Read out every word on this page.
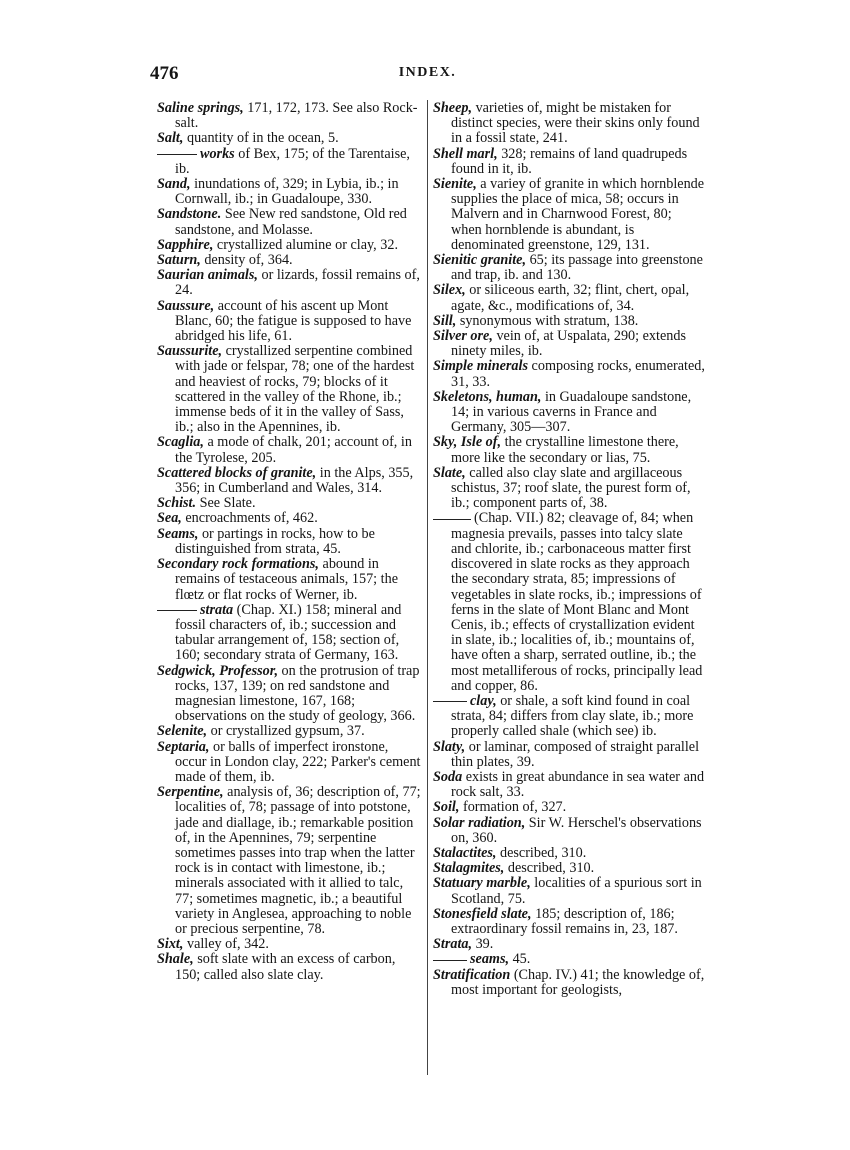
476	INDEX.

Saline springs, 171, 172, 173. See also Rock-salt.

Salt, quantity of in the ocean, 5.

works of Bex, 175; of the Tarentaise, ib.

Sand, inundations of, 329; in Lybia, ib.; in Cornwall, ib.; in Guadaloupe, 330.

Sandstone. See New red sandstone, Old red sandstone, and Molasse.

Sapphire, crystallized alumine or clay, 32.

Saturn, density of, 364.

Saurian animals, or lizards, fossil remains of, 24.

Saussure, account of his ascent up Mont Blanc, 60; the fatigue is supposed to have abridged his life, 61.

Saussurite, crystallized serpentine combined with jade or felspar, 78; one of the hardest and heaviest of rocks, 79; blocks of it scattered in the valley of the Rhone, ib.; immense beds of it in the valley of Sass, ib.; also in the Apennines, ib.

Scaglia, a mode of chalk, 201; account of, in the Tyrolese, 205.

Scattered blocks of granite, in the Alps, 355, 356; in Cumberland and Wales, 314.

Schist. See Slate.

Sea, encroachments of, 462.

Seams, or partings in rocks, how to be distinguished from strata, 45.

Secondary rock formations, abound in remains of testaceous animals, 157; the flœtz or flat rocks of Werner, ib.

strata (Chap. XI.) 158; mineral and fossil characters of, ib.; succession and tabular arrangement of, 158; section of, 160; secondary strata of Germany, 163.

Sedgwick, Professor, on the protrusion of trap rocks, 137, 139; on red sandstone and magnesian limestone, 167, 168; observations on the study of geology, 366.

Selenite, or crystallized gypsum, 37.

Septaria, or balls of imperfect ironstone, occur in London clay, 222; Parker's cement made of them, ib.

Serpentine, analysis of, 36; description of, 77; localities of, 78; passage of into potstone, jade and diallage, ib.; remarkable position of, in the Apennines, 79; serpentine sometimes passes into trap when the latter rock is in contact with limestone, ib.; minerals associated with it allied to talc, 77; sometimes magnetic, ib.; a beautiful variety in Anglesea, approaching to noble or precious serpentine, 78.

Sixt, valley of, 342.

Shale, soft slate with an excess of carbon, 150; called also slate clay.

Sheep, varieties of, might be mistaken for distinct species, were their skins only found in a fossil state, 241.

Shell marl, 328; remains of land quadrupeds found in it, ib.

Sienite, a variey of granite in which hornblende supplies the place of mica, 58; occurs in Malvern and in Charnwood Forest, 80; when hornblende is abundant, is denominated greenstone, 129, 131.

Sienitic granite, 65; its passage into greenstone and trap, ib. and 130.

Silex, or siliceous earth, 32; flint, chert, opal, agate, &c., modifications of, 34.

Sill, synonymous with stratum, 138.

Silver ore, vein of, at Uspalata, 290; extends ninety miles, ib.

Simple minerals composing rocks, enumerated, 31, 33.

Skeletons, human, in Guadaloupe sandstone, 14; in various caverns in France and Germany, 305—307.

Sky, Isle of, the crystalline limestone there, more like the secondary or lias, 75.

Slate, called also clay slate and argillaceous schistus, 37; roof slate, the purest form of, ib.; component parts of, 38.

(Chap. VII.) 82; cleavage of, 84; when magnesia prevails, passes into talcy slate and chlorite, ib.; carbonaceous matter first discovered in slate rocks as they approach the secondary strata, 85; impressions of vegetables in slate rocks, ib.; impressions of ferns in the slate of Mont Blanc and Mont Cenis, ib.; effects of crystallization evident in slate, ib.; localities of, ib.; mountains of, have often a sharp, serrated outline, ib.; the most metalliferous of rocks, principally lead and copper, 86.

clay, or shale, a soft kind found in coal strata, 84; differs from clay slate, ib.; more properly called shale (which see) ib.

Slaty, or laminar, composed of straight parallel thin plates, 39.

Soda exists in great abundance in sea water and rock salt, 33.

Soil, formation of, 327.

Solar radiation, Sir W. Herschel's observations on, 360.

Stalactites, described, 310.

Stalagmites, described, 310.

Statuary marble, localities of a spurious sort in Scotland, 75.

Stonesfield slate, 185; description of, 186; extraordinary fossil remains in, 23, 187.

Strata, 39.

seams, 45.

Stratification (Chap. IV.) 41; the knowledge of, most important for geologists,
